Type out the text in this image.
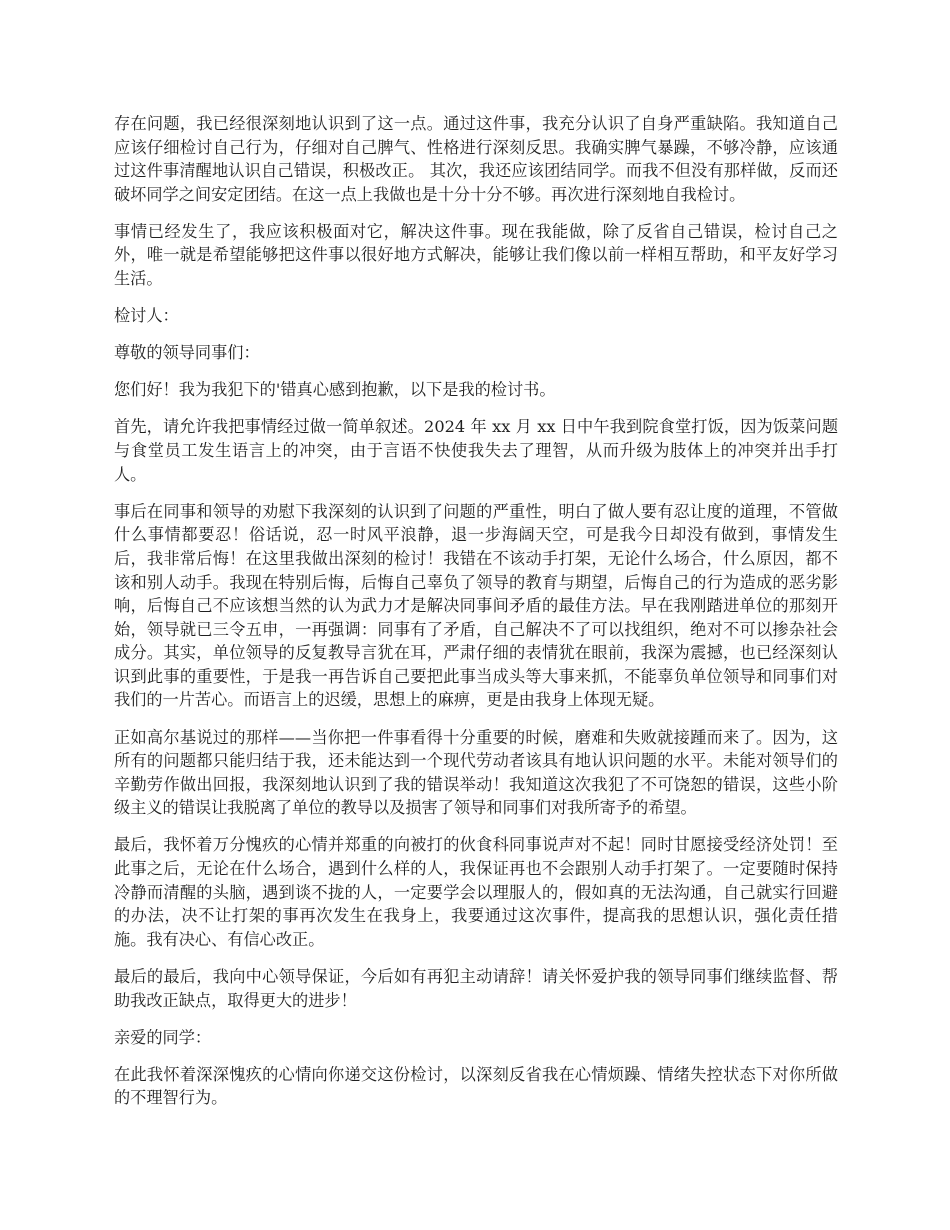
存在问题，我已经很深刻地认识到了这一点。通过这件事，我充分认识了自身严重缺陷。我知道自己应该仔细检讨自己行为，仔细对自己脾气、性格进行深刻反思。我确实脾气暴躁，不够冷静，应该通过这件事清醒地认识自己错误，积极改正。 其次，我还应该团结同学。而我不但没有那样做，反而还破坏同学之间安定团结。在这一点上我做也是十分十分不够。再次进行深刻地自我检讨。

事情已经发生了，我应该积极面对它，解决这件事。现在我能做，除了反省自己错误，检讨自己之外，唯一就是希望能够把这件事以很好地方式解决，能够让我们像以前一样相互帮助，和平友好学习生活。

检讨人：

尊敬的领导同事们：

您们好！我为我犯下的'错真心感到抱歉，以下是我的检讨书。

首先，请允许我把事情经过做一简单叙述。2024 年 xx 月 xx 日中午我到院食堂打饭，因为饭菜问题与食堂员工发生语言上的冲突，由于言语不快使我失去了理智，从而升级为肢体上的冲突并出手打人。

事后在同事和领导的劝慰下我深刻的认识到了问题的严重性，明白了做人要有忍让度的道理，不管做什么事情都要忍！俗话说，忍一时风平浪静，退一步海阔天空，可是我今日却没有做到，事情发生后，我非常后悔！在这里我做出深刻的检讨！我错在不该动手打架，无论什么场合，什么原因，都不该和别人动手。我现在特别后悔，后悔自己辜负了领导的教育与期望，后悔自己的行为造成的恶劣影响，后悔自己不应该想当然的认为武力才是解决同事间矛盾的最佳方法。早在我刚踏进单位的那刻开始，领导就已三令五申，一再强调：同事有了矛盾，自己解决不了可以找组织，绝对不可以掺杂社会成分。其实，单位领导的反复教导言犹在耳，严肃仔细的表情犹在眼前，我深为震撼，也已经深刻认识到此事的重要性，于是我一再告诉自己要把此事当成头等大事来抓，不能辜负单位领导和同事们对我们的一片苦心。而语言上的迟缓，思想上的麻痹，更是由我身上体现无疑。

正如高尔基说过的那样——当你把一件事看得十分重要的时候，磨难和失败就接踵而来了。因为，这所有的问题都只能归结于我，还未能达到一个现代劳动者该具有地认识问题的水平。未能对领导们的辛勤劳作做出回报，我深刻地认识到了我的错误举动！我知道这次我犯了不可饶恕的错误，这些小阶级主义的错误让我脱离了单位的教导以及损害了领导和同事们对我所寄予的希望。

最后，我怀着万分愧疚的心情并郑重的向被打的伙食科同事说声对不起！同时甘愿接受经济处罚！至此事之后，无论在什么场合，遇到什么样的人，我保证再也不会跟别人动手打架了。一定要随时保持冷静而清醒的头脑，遇到谈不拢的人，一定要学会以理服人的，假如真的无法沟通，自己就实行回避的办法，决不让打架的事再次发生在我身上，我要通过这次事件，提高我的思想认识，强化责任措施。我有决心、有信心改正。

最后的最后，我向中心领导保证，今后如有再犯主动请辞！请关怀爱护我的领导同事们继续监督、帮助我改正缺点，取得更大的进步！

亲爱的同学：

在此我怀着深深愧疚的心情向你递交这份检讨，以深刻反省我在心情烦躁、情绪失控状态下对你所做的不理智行为。
